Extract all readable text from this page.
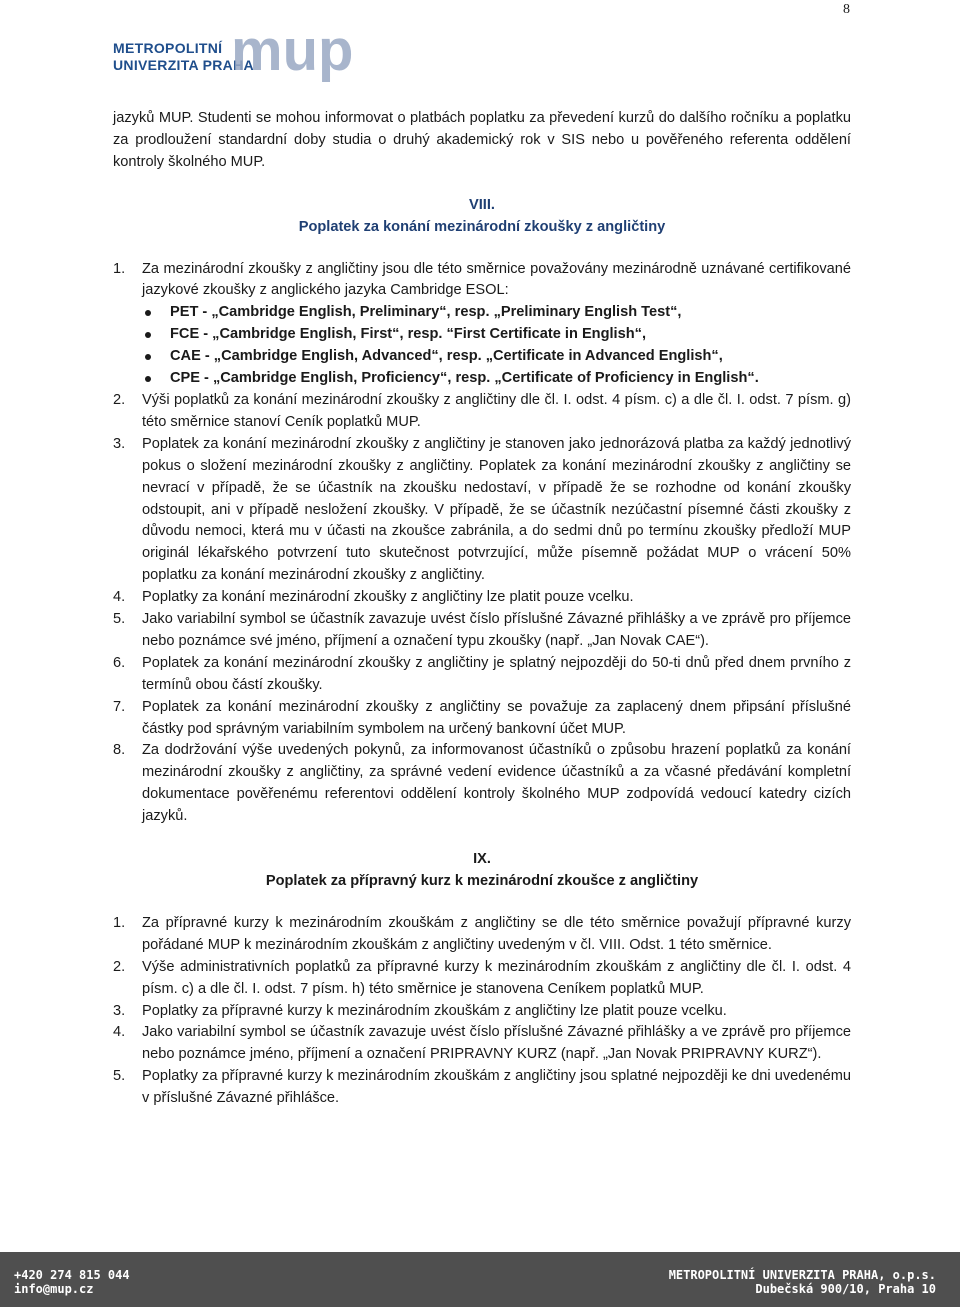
8
METROPOLITNÍ
UNIVERZITA PRAHA
mup

jazyků MUP. Studenti se mohou informovat o platbách poplatku za převedení kurzů do dalšího ročníku a poplatku za prodloužení standardní doby studia o druhý akademický rok v SIS nebo u pověřeného referenta oddělení kontroly školného MUP.

VIII.
Poplatek za konání mezinárodní zkoušky z angličtiny
1. Za mezinárodní zkoušky z angličtiny jsou dle této směrnice považovány mezinárodně uznávané certifikované jazykové zkoušky z anglického jazyka Cambridge ESOL:
PET - „Cambridge English, Preliminary“, resp. „Preliminary English Test“,
FCE - „Cambridge English, First“, resp. “First Certificate in English“,
CAE - „Cambridge English, Advanced“, resp. „Certificate in Advanced English“,
CPE - „Cambridge English, Proficiency“, resp. „Certificate of Proficiency in English“.
2. Výši poplatků za konání mezinárodní zkoušky z angličtiny dle čl. I. odst. 4 písm. c) a dle čl. I. odst. 7 písm. g) této směrnice stanoví Ceník poplatků MUP.
3. Poplatek za konání mezinárodní zkoušky z angličtiny je stanoven jako jednorázová platba za každý jednotlivý pokus o složení mezinárodní zkoušky z angličtiny. Poplatek za konání mezinárodní zkoušky z angličtiny se nevrací v případě, že se účastník na zkoušku nedostaví, v případě že se rozhodne od konání zkoušky odstoupit, ani v případě nesložení zkoušky. V případě, že se účastník nezúčastní písemné části zkoušky z důvodu nemoci, která mu v účasti na zkoušce zabránila, a do sedmi dnů po termínu zkoušky předloží MUP originál lékařského potvrzení tuto skutečnost potvrzující, může písemně požádat MUP o vrácení 50% poplatku za konání mezinárodní zkoušky z angličtiny.
4. Poplatky za konání mezinárodní zkoušky z angličtiny lze platit pouze vcelku.
5. Jako variabilní symbol se účastník zavazuje uvést číslo příslušné Závazné přihlášky a ve zprávě pro příjemce nebo poznámce své jméno, příjmení a označení typu zkoušky (např. „Jan Novak CAE“).
6. Poplatek za konání mezinárodní zkoušky z angličtiny je splatný nejpozději do 50-ti dnů před dnem prvního z termínů obou částí zkoušky.
7. Poplatek za konání mezinárodní zkoušky z angličtiny se považuje za zaplacený dnem připsání příslušné částky pod správným variabilním symbolem na určený bankovní účet MUP.
8. Za dodržování výše uvedených pokynů, za informovanost účastníků o způsobu hrazení poplatků za konání mezinárodní zkoušky z angličtiny, za správné vedení evidence účastníků a za včasné předávání kompletní dokumentace pověřenému referentovi oddělení kontroly školného MUP zodpovídá vedoucí katedry cizích jazyků.
IX.
Poplatek za přípravný kurz k mezinárodní zkoušce z angličtiny
1. Za přípravné kurzy k mezinárodním zkouškám z angličtiny se dle této směrnice považují přípravné kurzy pořádané MUP k mezinárodním zkouškám z angličtiny uvedeným v čl. VIII. Odst. 1 této směrnice.
2. Výše administrativních poplatků za přípravné kurzy k mezinárodním zkouškám z angličtiny dle čl. I. odst. 4 písm. c) a dle čl. I. odst. 7 písm. h) této směrnice je stanovena Ceníkem poplatků MUP.
3. Poplatky za přípravné kurzy k mezinárodním zkouškám z angličtiny lze platit pouze vcelku.
4. Jako variabilní symbol se účastník zavazuje uvést číslo příslušné Závazné přihlášky a ve zprávě pro příjemce nebo poznámce jméno, příjmení a označení PRIPRAVNY KURZ (např. „Jan Novak PRIPRAVNY KURZ“).
5. Poplatky za přípravné kurzy k mezinárodním zkouškám z angličtiny jsou splatné nejpozději ke dni uvedenému v příslušné Závazné přihlášce.
+420 274 815 044
info@mup.cz
METROPOLITNÍ UNIVERZITA PRAHA, o.p.s.
Dubečská 900/10, Praha 10
